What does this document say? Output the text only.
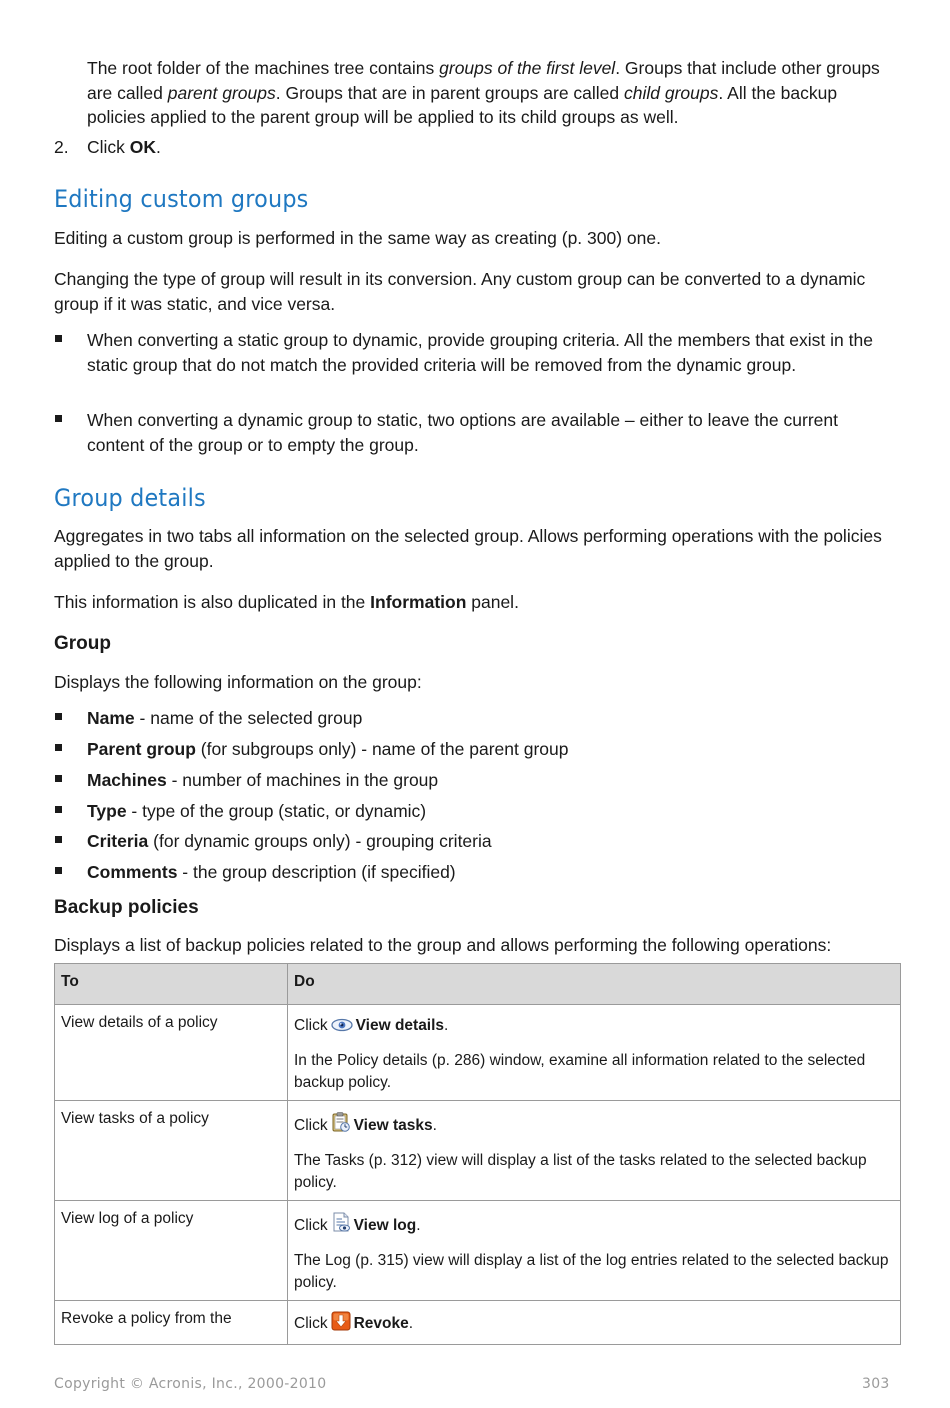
The root folder of the machines tree contains groups of the first level. Groups that include other groups are called parent groups. Groups that are in parent groups are called child groups. All the backup policies applied to the parent group will be applied to its child groups as well.

2. Click OK.

Editing custom groups

Editing a custom group is performed in the same way as creating (p. 300) one.

Changing the type of group will result in its conversion. Any custom group can be converted to a dynamic group if it was static, and vice versa.

When converting a static group to dynamic, provide grouping criteria. All the members that exist in the static group that do not match the provided criteria will be removed from the dynamic group.

When converting a dynamic group to static, two options are available – either to leave the current content of the group or to empty the group.

Group details

Aggregates in two tabs all information on the selected group. Allows performing operations with the policies applied to the group.

This information is also duplicated in the Information panel.

Group

Displays the following information on the group:

Name - name of the selected group

Parent group (for subgroups only) - name of the parent group

Machines - number of machines in the group

Type - type of the group (static, or dynamic)

Criteria (for dynamic groups only) - grouping criteria

Comments - the group description (if specified)

Backup policies

Displays a list of backup policies related to the group and allows performing the following operations:

To	Do

View details of a policy	Click View details.
In the Policy details (p. 286) window, examine all information related to the selected backup policy.

View tasks of a policy	Click View tasks.
The Tasks (p. 312) view will display a list of the tasks related to the selected backup policy.

View log of a policy	Click View log.
The Log (p. 315) view will display a list of the log entries related to the selected backup policy.

Revoke a policy from the	Click Revoke.
Copyright © Acronis, Inc., 2000-2010	303
